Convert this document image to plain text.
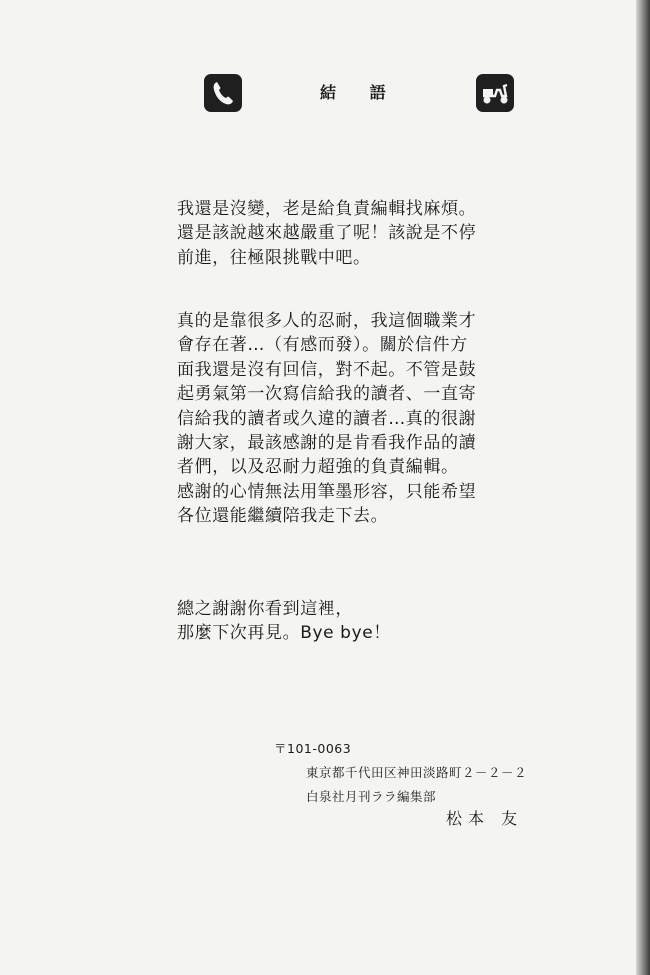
結 語
我還是沒變，老是給負責編輯找麻煩。
還是該說越來越嚴重了呢！該說是不停
前進，往極限挑戰中吧。
真的是靠很多人的忍耐，我這個職業才
會存在著…（有感而發）。關於信件方
面我還是沒有回信，對不起。不管是鼓
起勇氣第一次寫信給我的讀者、一直寄
信給我的讀者或久違的讀者…真的很謝
謝大家，最該感謝的是肯看我作品的讀
者們，以及忍耐力超強的負責編輯。
感謝的心情無法用筆墨形容，只能希望
各位還能繼續陪我走下去。
總之謝謝你看到這裡，
那麼下次再見。Bye bye！
〒101-0063
東京都千代田区神田淡路町２－２－２
白泉社月刊ララ編集部
松本 友
